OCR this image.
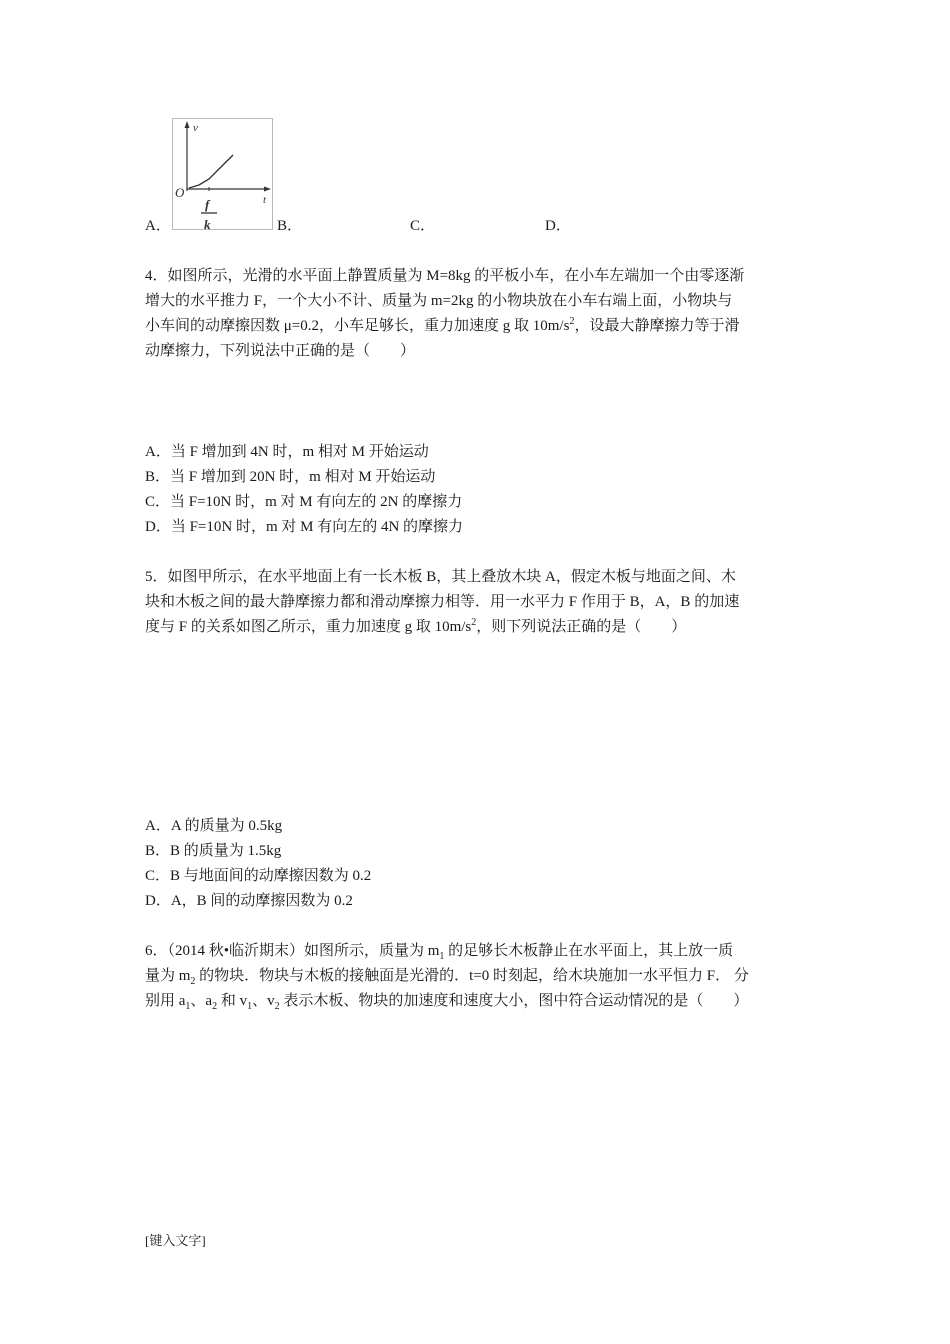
A．
v
t
O
f
k	B．	C．	D．
4．如图所示，光滑的水平面上静置质量为 M=8kg 的平板小车，在小车左端加一个由零逐渐
增大的水平推力 F，一个大小不计、质量为 m=2kg 的小物块放在小车右端上面，小物块与
小车间的动摩擦因数 μ=0.2，小车足够长，重力加速度 g 取 $10m/s^2$，设最大静摩擦力等于滑
动摩擦力，下列说法中正确的是（　　）
A．当 F 增加到 4N 时，m 相对 M 开始运动
B．当 F 增加到 20N 时，m 相对 M 开始运动
C．当 F=10N 时，m 对 M 有向左的 2N 的摩擦力
D．当 F=10N 时，m 对 M 有向左的 4N 的摩擦力
5．如图甲所示，在水平地面上有一长木板 B，其上叠放木块 A，假定木板与地面之间、木
块和木板之间的最大静摩擦力都和滑动摩擦力相等．用一水平力 F 作用于 B，A，B 的加速
度与 F 的关系如图乙所示，重力加速度 g 取 $10m/s^2$，则下列说法正确的是（　　）
A．A 的质量为 0.5kg
B．B 的质量为 1.5kg
C．B 与地面间的动摩擦因数为 0.2
D．A，B 间的动摩擦因数为 0.2
6．（2014 秋•临沂期末）如图所示，质量为 $m_1$ 的足够长木板静止在水平面上，其上放一质
量为 $m_2$ 的物块．物块与木板的接触面是光滑的．t=0 时刻起，给木块施加一水平恒力 F． 分
别用 $a_1$、$a_2$ 和 $v_1$、$v_2$ 表示木板、物块的加速度和速度大小，图中符合运动情况的是（　　）
[键入文字]
